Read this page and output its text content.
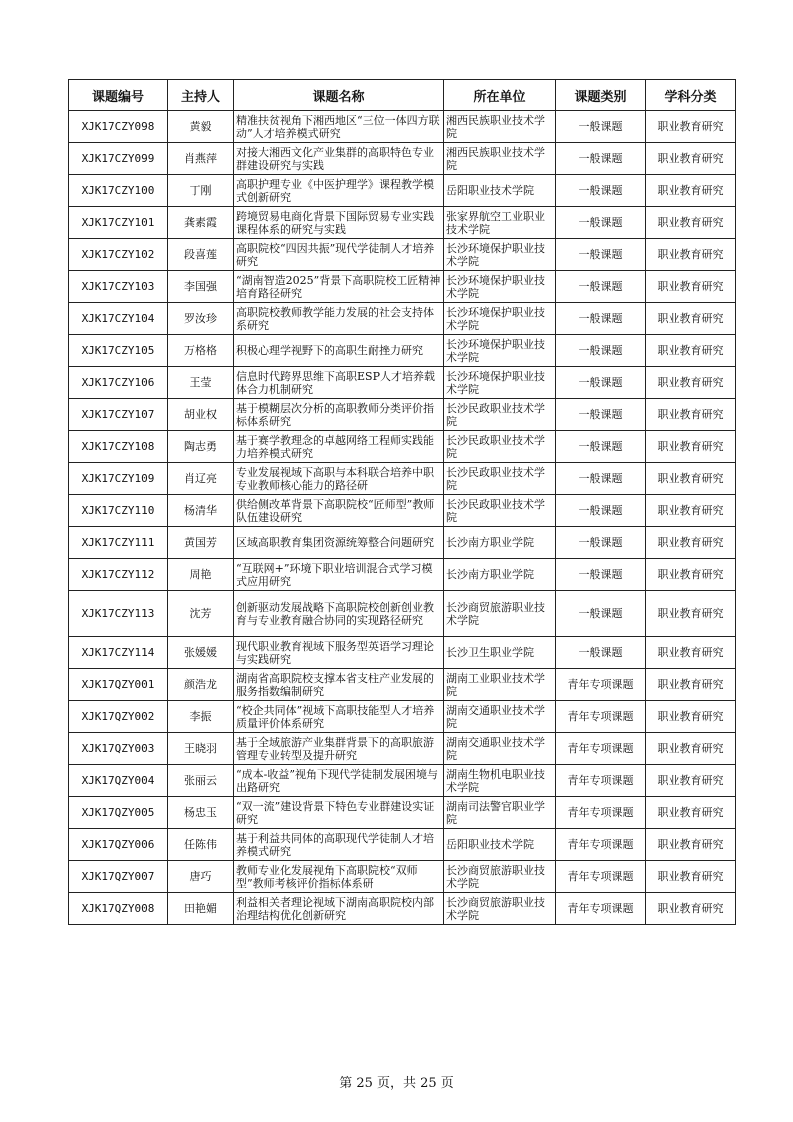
课题编号	主持人	课题名称	所在单位	课题类别	学科分类
XJK17CZY098	黄毅	精准扶贫视角下湘西地区“三位一体四方联动”人才培养模式研究	湘西民族职业技术学院	一般课题	职业教育研究
XJK17CZY099	肖燕萍	对接大湘西文化产业集群的高职特色专业群建设研究与实践	湘西民族职业技术学院	一般课题	职业教育研究
XJK17CZY100	丁刚	高职护理专业《中医护理学》课程教学模式创新研究	岳阳职业技术学院	一般课题	职业教育研究
XJK17CZY101	龚素霞	跨境贸易电商化背景下国际贸易专业实践课程体系的研究与实践	张家界航空工业职业技术学院	一般课题	职业教育研究
XJK17CZY102	段喜莲	高职院校“四因共振”现代学徒制人才培养研究	长沙环境保护职业技术学院	一般课题	职业教育研究
XJK17CZY103	李国强	“湖南智造2025”背景下高职院校工匠精神培育路径研究	长沙环境保护职业技术学院	一般课题	职业教育研究
XJK17CZY104	罗汝珍	高职院校教师教学能力发展的社会支持体系研究	长沙环境保护职业技术学院	一般课题	职业教育研究
XJK17CZY105	万格格	积极心理学视野下的高职生耐挫力研究	长沙环境保护职业技术学院	一般课题	职业教育研究
XJK17CZY106	王莹	信息时代跨界思维下高职ESP人才培养载体合力机制研究	长沙环境保护职业技术学院	一般课题	职业教育研究
XJK17CZY107	胡业权	基于模糊层次分析的高职教师分类评价指标体系研究	长沙民政职业技术学院	一般课题	职业教育研究
XJK17CZY108	陶志勇	基于赛学教理念的卓越网络工程师实践能力培养模式研究	长沙民政职业技术学院	一般课题	职业教育研究
XJK17CZY109	肖辽亮	专业发展视域下高职与本科联合培养中职专业教师核心能力的路径研	长沙民政职业技术学院	一般课题	职业教育研究
XJK17CZY110	杨清华	供给侧改革背景下高职院校“匠师型”教师队伍建设研究	长沙民政职业技术学院	一般课题	职业教育研究
XJK17CZY111	黄国芳	区域高职教育集团资源统筹整合问题研究	长沙南方职业学院	一般课题	职业教育研究
XJK17CZY112	周艳	“互联网+”环境下职业培训混合式学习模式应用研究	长沙南方职业学院	一般课题	职业教育研究
XJK17CZY113	沈芳	创新驱动发展战略下高职院校创新创业教育与专业教育融合协同的实现路径研究	长沙商贸旅游职业技术学院	一般课题	职业教育研究
XJK17CZY114	张媛媛	现代职业教育视域下服务型英语学习理论与实践研究	长沙卫生职业学院	一般课题	职业教育研究
XJK17QZY001	颜浩龙	湖南省高职院校支撑本省支柱产业发展的服务指数编制研究	湖南工业职业技术学院	青年专项课题	职业教育研究
XJK17QZY002	李振	“校企共同体”视域下高职技能型人才培养质量评价体系研究	湖南交通职业技术学院	青年专项课题	职业教育研究
XJK17QZY003	王晓羽	基于全域旅游产业集群背景下的高职旅游管理专业转型及提升研究	湖南交通职业技术学院	青年专项课题	职业教育研究
XJK17QZY004	张丽云	“成本-收益”视角下现代学徒制发展困境与出路研究	湖南生物机电职业技术学院	青年专项课题	职业教育研究
XJK17QZY005	杨忠玉	“双一流”建设背景下特色专业群建设实证研究	湖南司法警官职业学院	青年专项课题	职业教育研究
XJK17QZY006	任陈伟	基于利益共同体的高职现代学徒制人才培养模式研究	岳阳职业技术学院	青年专项课题	职业教育研究
XJK17QZY007	唐巧	教师专业化发展视角下高职院校“双师型”教师考核评价指标体系研	长沙商贸旅游职业技术学院	青年专项课题	职业教育研究
XJK17QZY008	田艳媚	利益相关者理论视域下湖南高职院校内部治理结构优化创新研究	长沙商贸旅游职业技术学院	青年专项课题	职业教育研究
第 25 页，共 25 页
